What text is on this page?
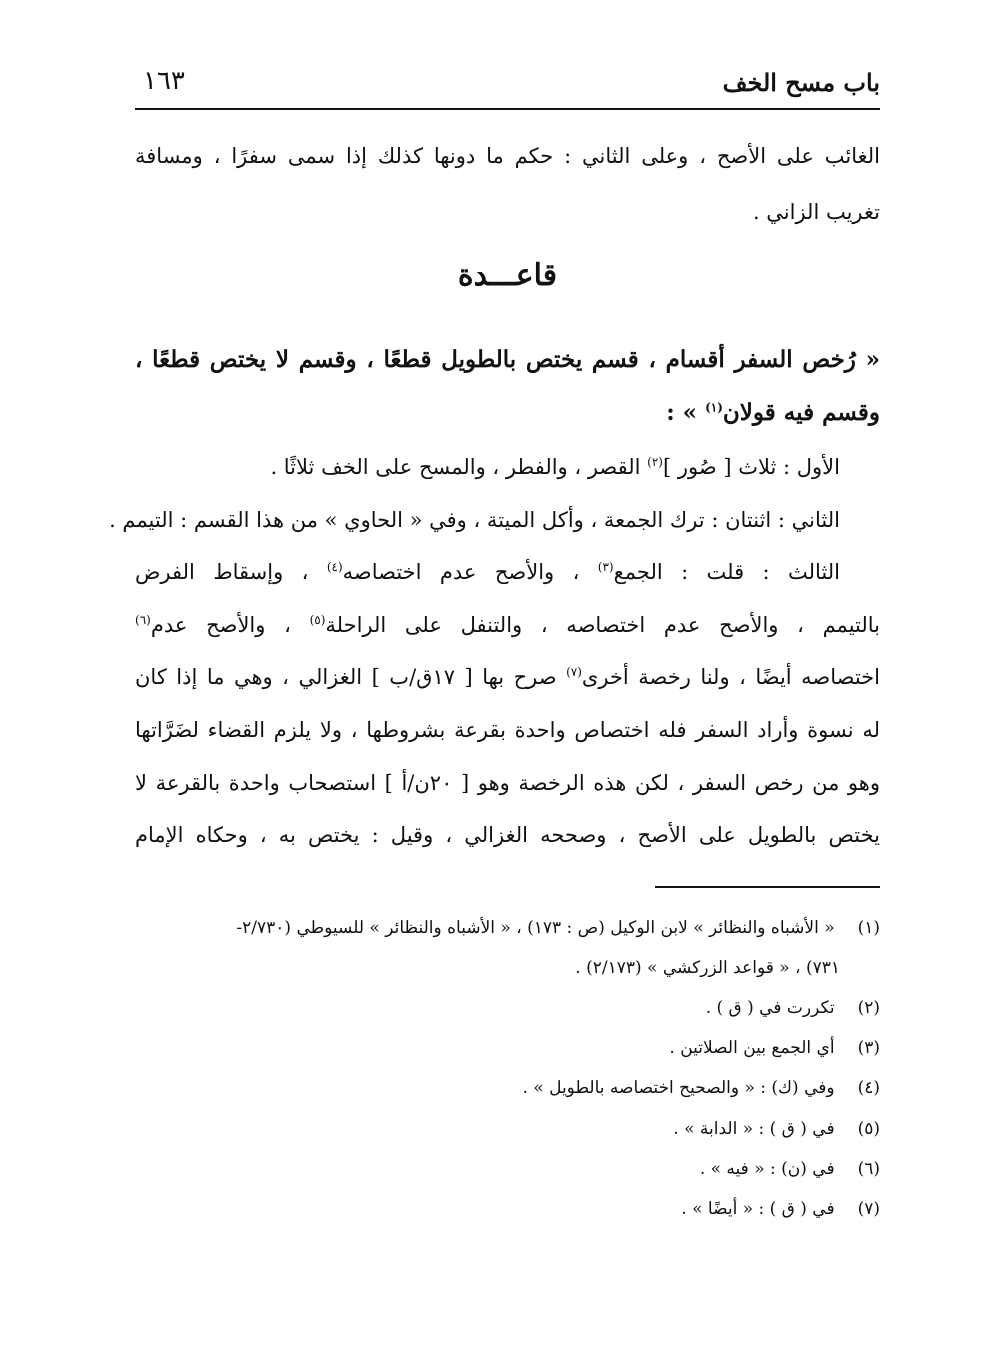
باب مسح الخف
١٦٣
الغائب على الأصح ، وعلى الثاني : حكم ما دونها كذلك إذا سمى سفرًا ، ومسافة
تغريب الزاني .
قاعـــدة
« رُخص السفر أقسام ، قسم يختص بالطويل قطعًا ، وقسم لا يختص قطعًا ،
وقسم فيه قولان$^{(١)}$ » :
الأول : ثلاث [ صُور ]$^{(٢)}$ القصر ، والفطر ، والمسح على الخف ثلاثًا .
الثاني : اثنتان : ترك الجمعة ، وأكل الميتة ، وفي « الحاوي » من هذا القسم : التيمم .
الثالث : قلت : الجمع$^{(٣)}$ ، والأصح عدم اختصاصه$^{(٤)}$ ، وإسقاط الفرض
بالتيمم ، والأصح عدم اختصاصه ، والتنفل على الراحلة$^{(٥)}$ ، والأصح عدم$^{(٦)}$
اختصاصه أيضًا ، ولنا رخصة أخرى$^{(٧)}$ صرح بها [ ١٧ق/ب ] الغزالي ، وهي ما إذا كان
له نسوة وأراد السفر فله اختصاص واحدة بقرعة بشروطها ، ولا يلزم القضاء لضَرَّاتها
وهو من رخص السفر ، لكن هذه الرخصة وهو [ ٢٠ن/أ ] استصحاب واحدة بالقرعة لا
يختص بالطويل على الأصح ، وصححه الغزالي ، وقيل : يختص به ، وحكاه الإمام
(١) « الأشباه والنظائر » لابن الوكيل (ص : ١٧٣) ، « الأشباه والنظائر » للسيوطي (٢/٧٣٠-
٧٣١) ، « قواعد الزركشي » (٢/١٧٣) .
(٢) تكررت في ( ق ) .
(٣) أي الجمع بين الصلاتين .
(٤) وفي (ك) : « والصحيح اختصاصه بالطويل » .
(٥) في ( ق ) : « الدابة » .
(٦) في (ن) : « فيه » .
(٧) في ( ق ) : « أيضًا » .
